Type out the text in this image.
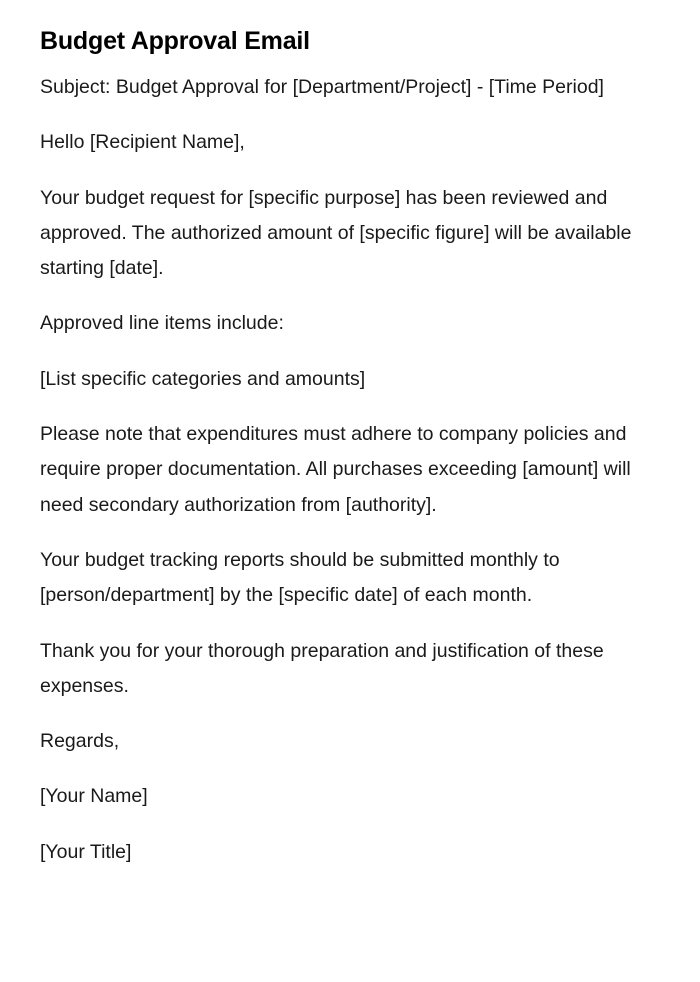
Budget Approval Email

Subject: Budget Approval for [Department/Project] - [Time Period]

Hello [Recipient Name],

Your budget request for [specific purpose] has been reviewed and approved. The authorized amount of [specific figure] will be available starting [date].

Approved line items include:

[List specific categories and amounts]

Please note that expenditures must adhere to company policies and require proper documentation. All purchases exceeding [amount] will need secondary authorization from [authority].

Your budget tracking reports should be submitted monthly to [person/department] by the [specific date] of each month.

Thank you for your thorough preparation and justification of these expenses.

Regards,

[Your Name]

[Your Title]
